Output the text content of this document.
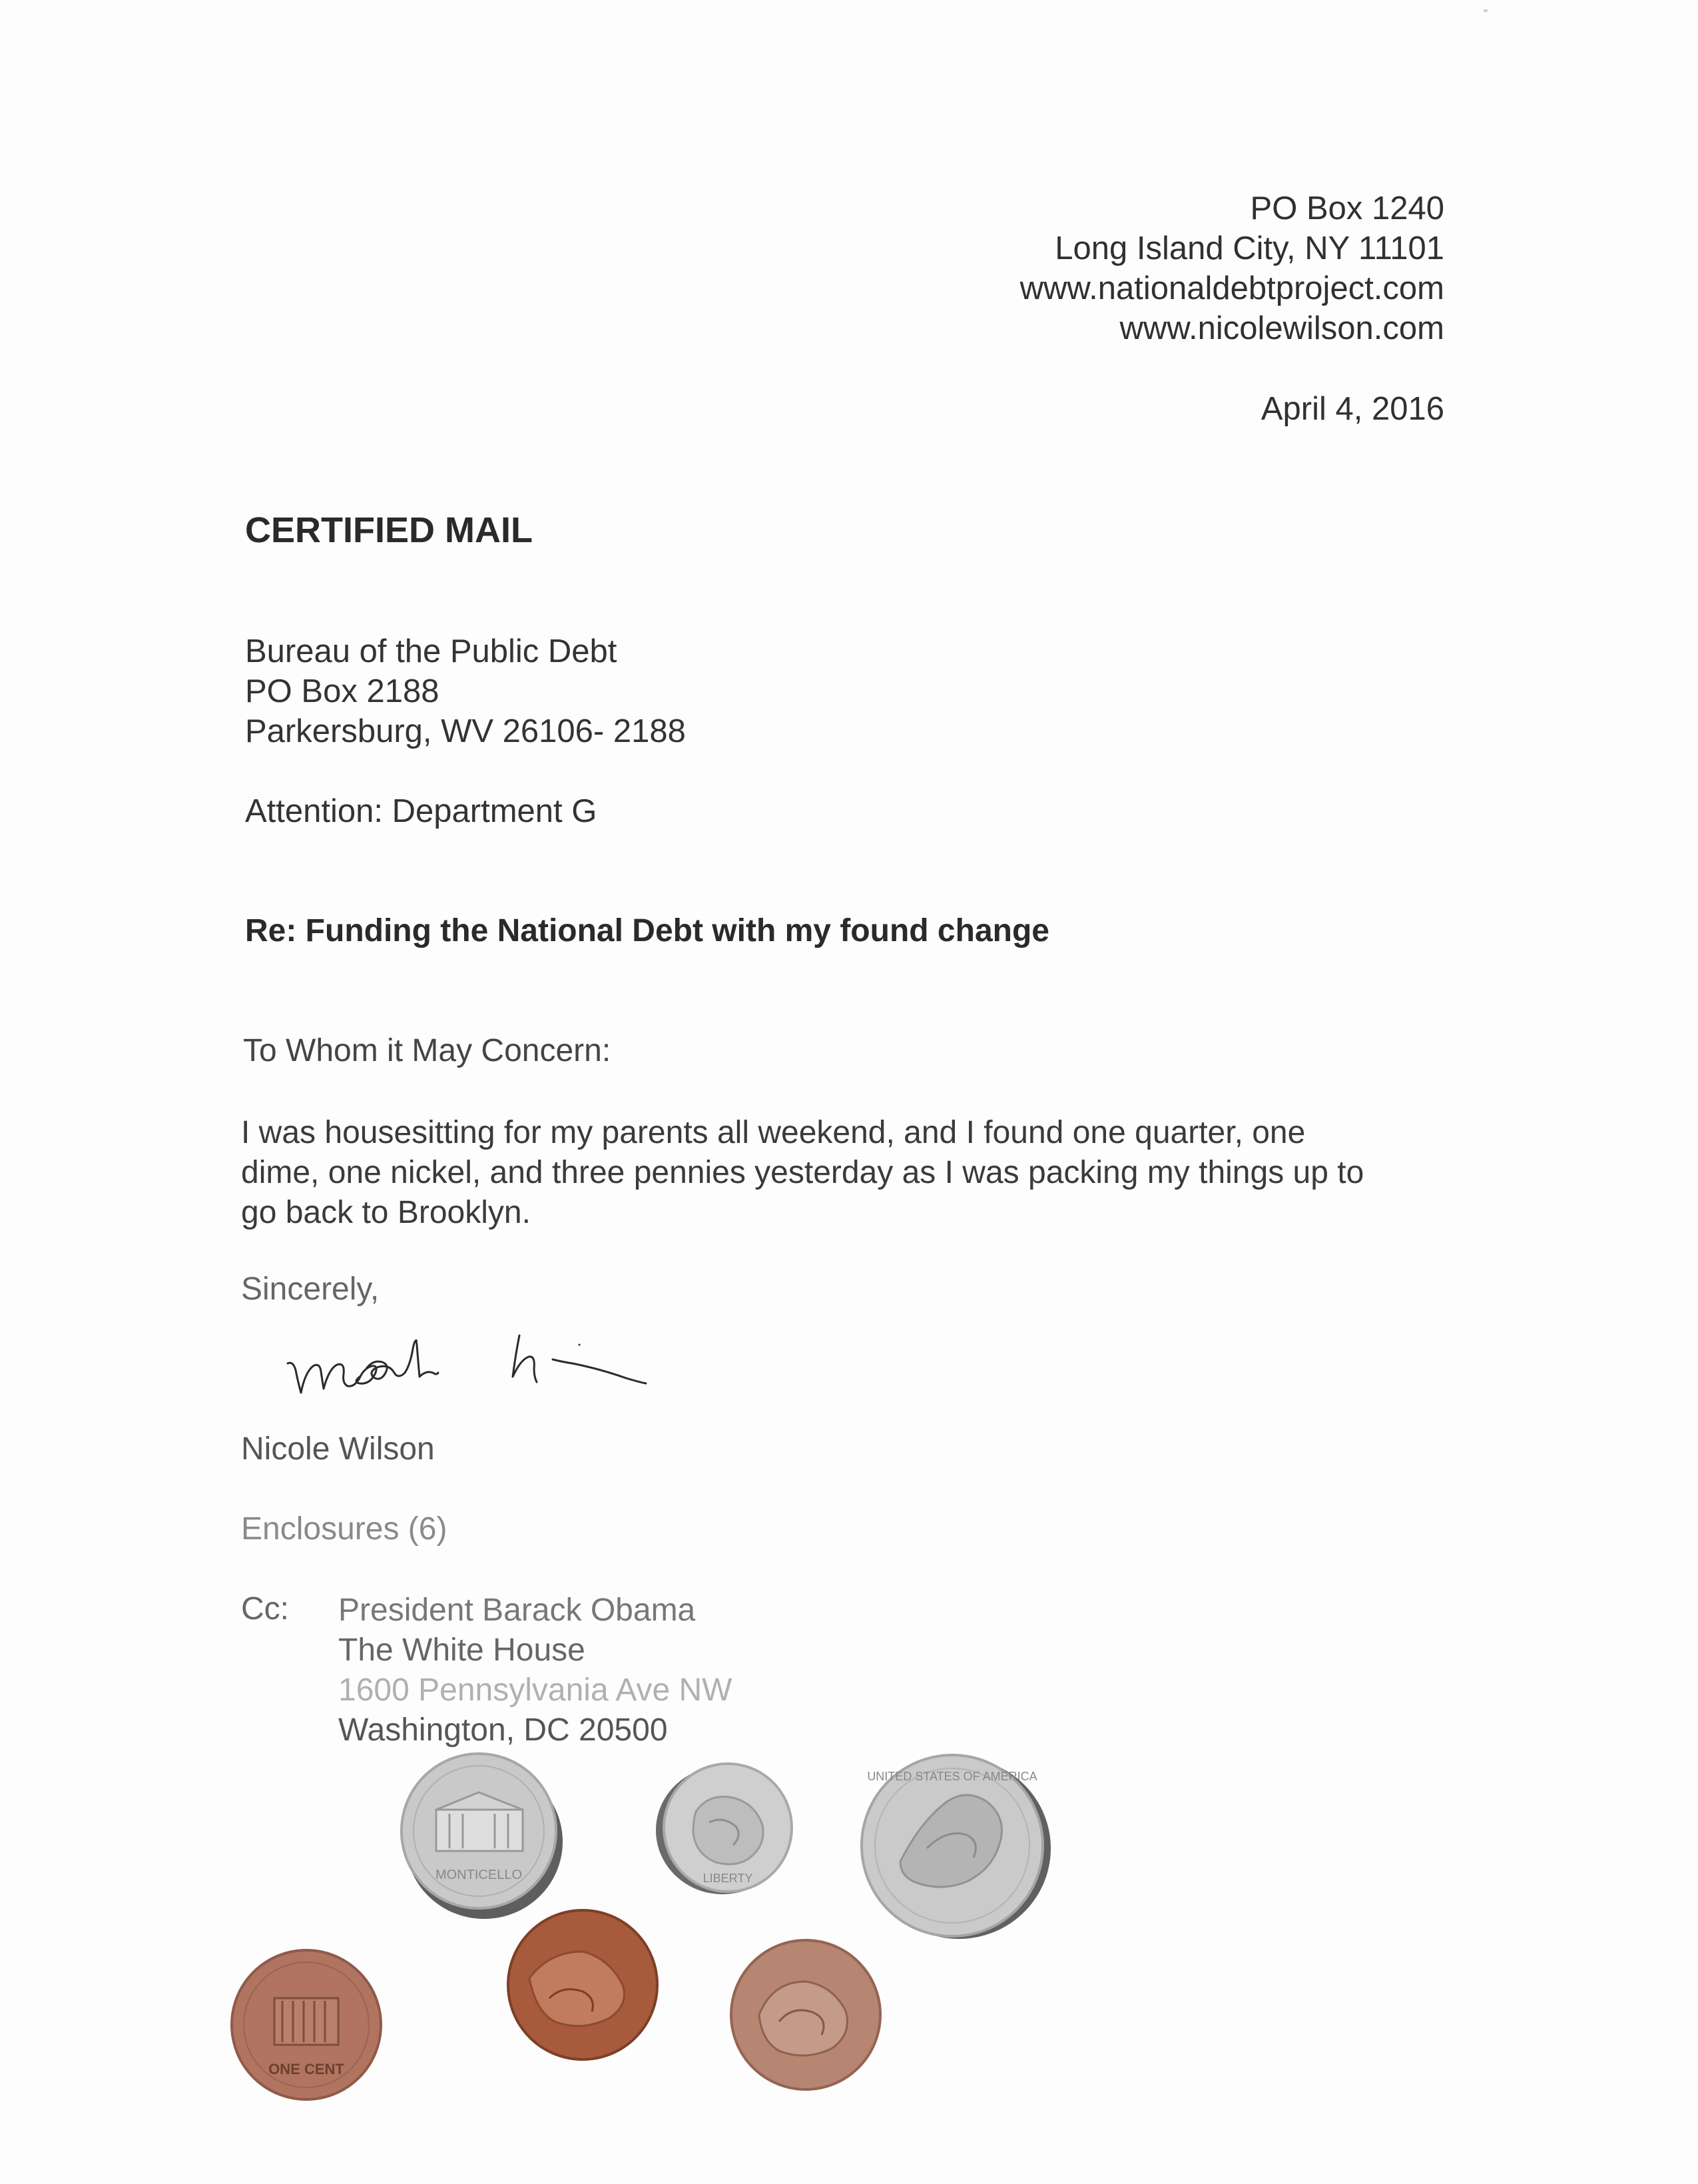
PO Box 1240
Long Island City, NY 11101
www.nationaldebtproject.com
www.nicolewilson.com
April 4, 2016
CERTIFIED MAIL
Bureau of the Public Debt
PO Box 2188
Parkersburg, WV 26106- 2188
Attention: Department G
Re: Funding the National Debt with my found change
To Whom it May Concern:
I was housesitting for my parents all weekend, and I found one quarter, one
dime, one nickel, and three pennies yesterday as I was packing my things up to
go back to Brooklyn.
Sincerely,
Nicole Wilson
Enclosures (6)
Cc: President Barack Obama
The White House
1600 Pennsylvania Ave NW
Washington, DC 20500
MONTICELLO	LIBERTY
UNITED STATES OF AMERICA
ONE CENT
